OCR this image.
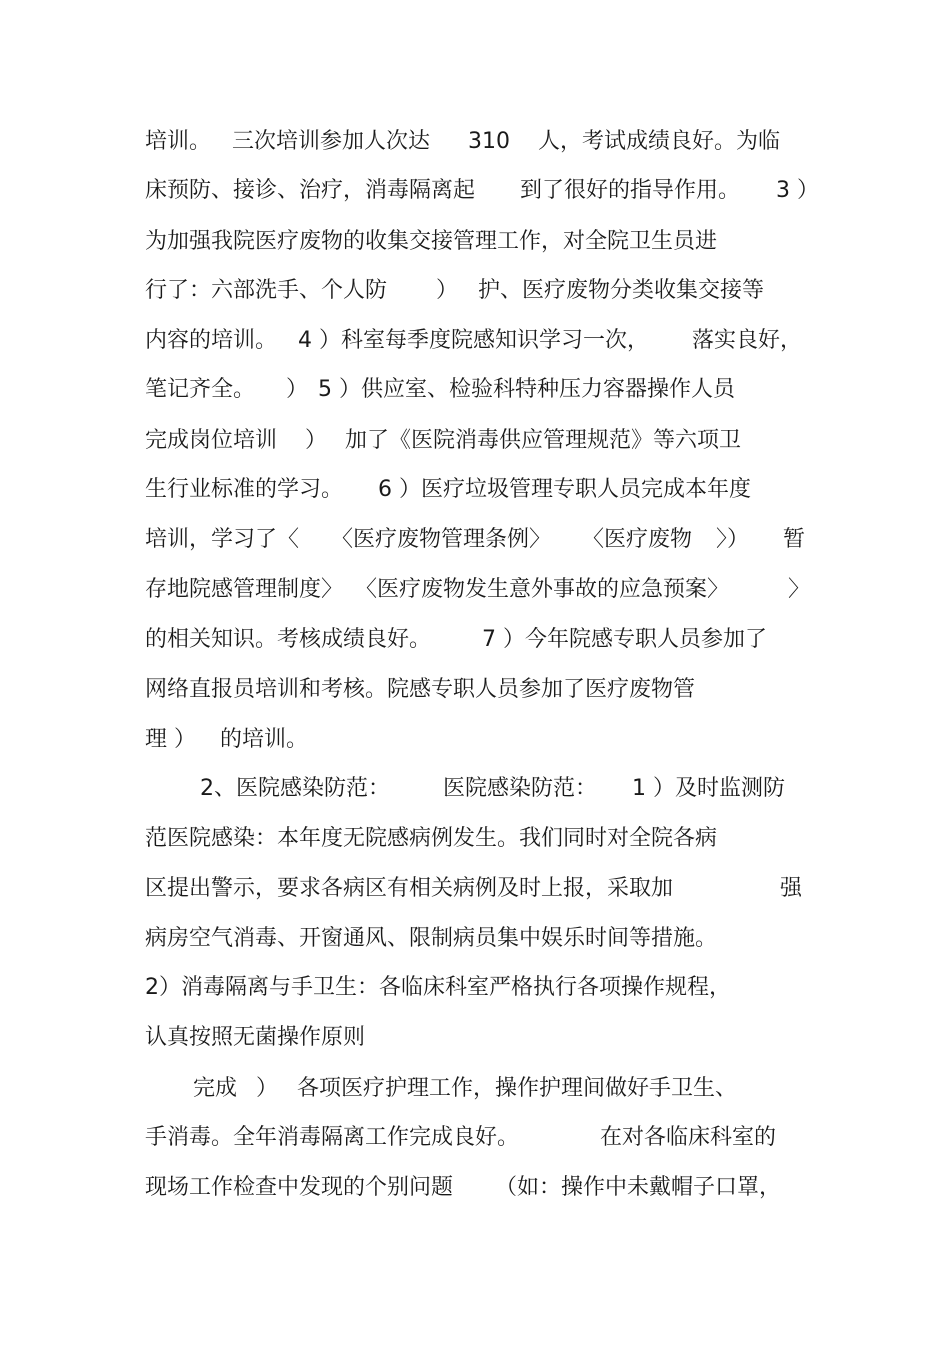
培训。

三次培训参加人次达

310

人，考试成绩良好。为临

床预防、接诊、治疗，消毒隔离起

到了很好的指导作用。

3 ）

为加强我院医疗废物的收集交接管理工作，对全院卫生员进

行了：六部洗手、个人防

）

护、医疗废物分类收集交接等

内容的培训。

4 ）科室每季度院感知识学习一次，

落实良好，

笔记齐全。

）

5 ）供应室、检验科特种压力容器操作人员

完成岗位培训

）

加了《医院消毒供应管理规范》等六项卫

生行业标准的学习。

6 ）医疗垃圾管理专职人员完成本年度

培训，学习了〈

〈医疗废物管理条例〉

〈医疗废物

〉）

暂

存地院感管理制度〉

〈医疗废物发生意外事故的应急预案〉

	〉

的相关知识。考核成绩良好。

7 ）今年院感专职人员参加了

网络直报员培训和考核。院感专职人员参加了医疗废物管

理 ）

的培训。

2、医院感染防范：

医院感染防范：

1 ）及时监测防

范医院感染：本年度无院感病例发生。我们同时对全院各病

区提出警示，要求各病区有相关病例及时上报，采取加

	强

病房空气消毒、开窗通风、限制病员集中娱乐时间等措施。

2）消毒隔离与手卫生：各临床科室严格执行各项操作规程，

认真按照无菌操作原则

完成

）

各项医疗护理工作，操作护理间做好手卫生、

手消毒。全年消毒隔离工作完成良好。

	在对各临床科室的

现场工作检查中发现的个别问题

（如：操作中未戴帽子口罩，
